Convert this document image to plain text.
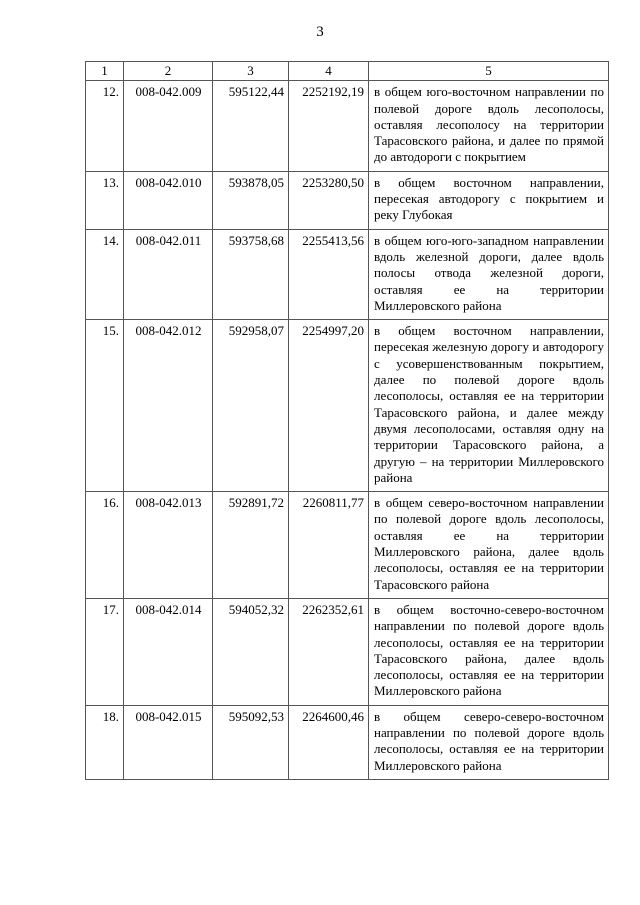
3
1	2	3	4	5
12.	008-042.009	595122,44	2252192,19	в общем юго-восточном направлении по полевой дороге вдоль лесополосы, оставляя лесополосу на территории Тарасовского района, и далее по прямой до автодороги с покрытием
13.	008-042.010	593878,05	2253280,50	в общем восточном направлении, пересекая автодорогу с покрытием и реку Глубокая
14.	008-042.011	593758,68	2255413,56	в общем юго-юго-западном направлении вдоль железной дороги, далее вдоль полосы отвода железной дороги, оставляя ее на территории Миллеровского района
15.	008-042.012	592958,07	2254997,20	в общем восточном направлении, пересекая железную дорогу и автодорогу с усовершенствованным покрытием, далее по полевой дороге вдоль лесополосы, оставляя ее на территории Тарасовского района, и далее между двумя лесополосами, оставляя одну на территории Тарасовского района, а другую – на территории Миллеровского района
16.	008-042.013	592891,72	2260811,77	в общем северо-восточном направлении по полевой дороге вдоль лесополосы, оставляя ее на территории Миллеровского района, далее вдоль лесополосы, оставляя ее на территории Тарасовского района
17.	008-042.014	594052,32	2262352,61	в общем восточно-северо-восточном направлении по полевой дороге вдоль лесополосы, оставляя ее на территории Тарасовского района, далее вдоль лесополосы, оставляя ее на территории Миллеровского района
18.	008-042.015	595092,53	2264600,46	в общем северо-северо-восточном направлении по полевой дороге вдоль лесополосы, оставляя ее на территории Миллеровского района
